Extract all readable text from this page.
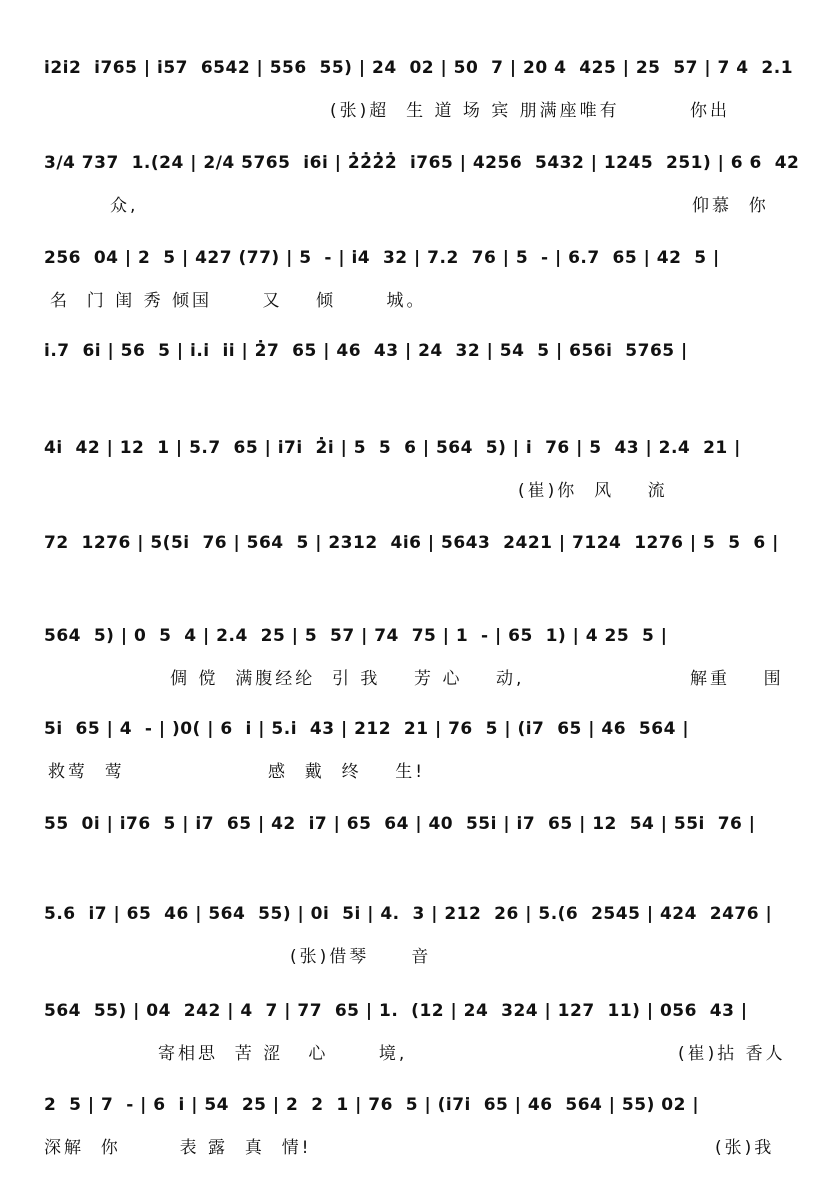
i̇2i̇2  i̇765 | i̇57  6542 | 556  55) | 24  02 | 50  7 | 20 4  425 | 25  57 | 7 4  2.1
(张)超  生 道 场 宾 朋满座唯有	你出
3/4 737  1.(24 | 2/4 5765  i̇6i̇ | 2̇2̇2̇2̇  i̇765 | 4256  5432 | 1245  251) | 6 6  42
众,	仰慕  你
256  04 | 2  5 | 427 (77) | 5  - | i̇4  32 | 7.2  76 | 5  - | 6.7  65 | 42  5 |
名  门 闺 秀 倾国      又    倾      城。
i̇.7  6i̇ | 56  5 | i̇.i̇  i̇i̇ | 2̇7  65 | 46  43 | 24  32 | 54  5 | 656i̇  5765 |
4i̇  42 | 12  1 | 5.7  65 | i̇7i̇  2̇i̇ | 5  5  6 | 564  5) | i̇  76 | 5  43 | 2.4  21 |
(崔)你  风    流
72  1276 | 5(5i̇  76 | 564  5 | 2312  4i̇6 | 5643  2421 | 7124  1276 | 5  5  6 |
564  5) | 0  5  4 | 2.4  25 | 5  57 | 74  75 | 1  - | 65  1) | 4 25  5 |
倜 傥  满腹经纶  引 我    芳 心    动,	解重    围
5i̇  65 | 4  - | )0( | 6  i̇ | 5.i̇  43 | 212  21 | 76  5 | (i̇7  65 | 46  564 |
救莺  莺	感  戴  终    生!
55  0i̇ | i̇76  5 | i̇7  65 | 42  i̇7 | 65  64 | 40  55i̇ | i̇7  65 | 12  54 | 55i̇  76 |
5.6  i̇7 | 65  46 | 564  55) | 0i̇  5i̇ | 4.  3 | 212  26 | 5.(6  2545 | 424  2476 |
(张)借琴     音
564  55) | 04  242 | 4  7 | 77  65 | 1.  (12 | 24  324 | 127  11) | 056  43 |
寄相思  苦 涩   心      境,	(崔)拈 香人
2  5 | 7  - | 6  i̇ | 54  25 | 2  2  1 | 76  5 | (i̇7i̇  65 | 46  564 | 55) 02 |
深解  你       表 露  真  情!	(张)我
